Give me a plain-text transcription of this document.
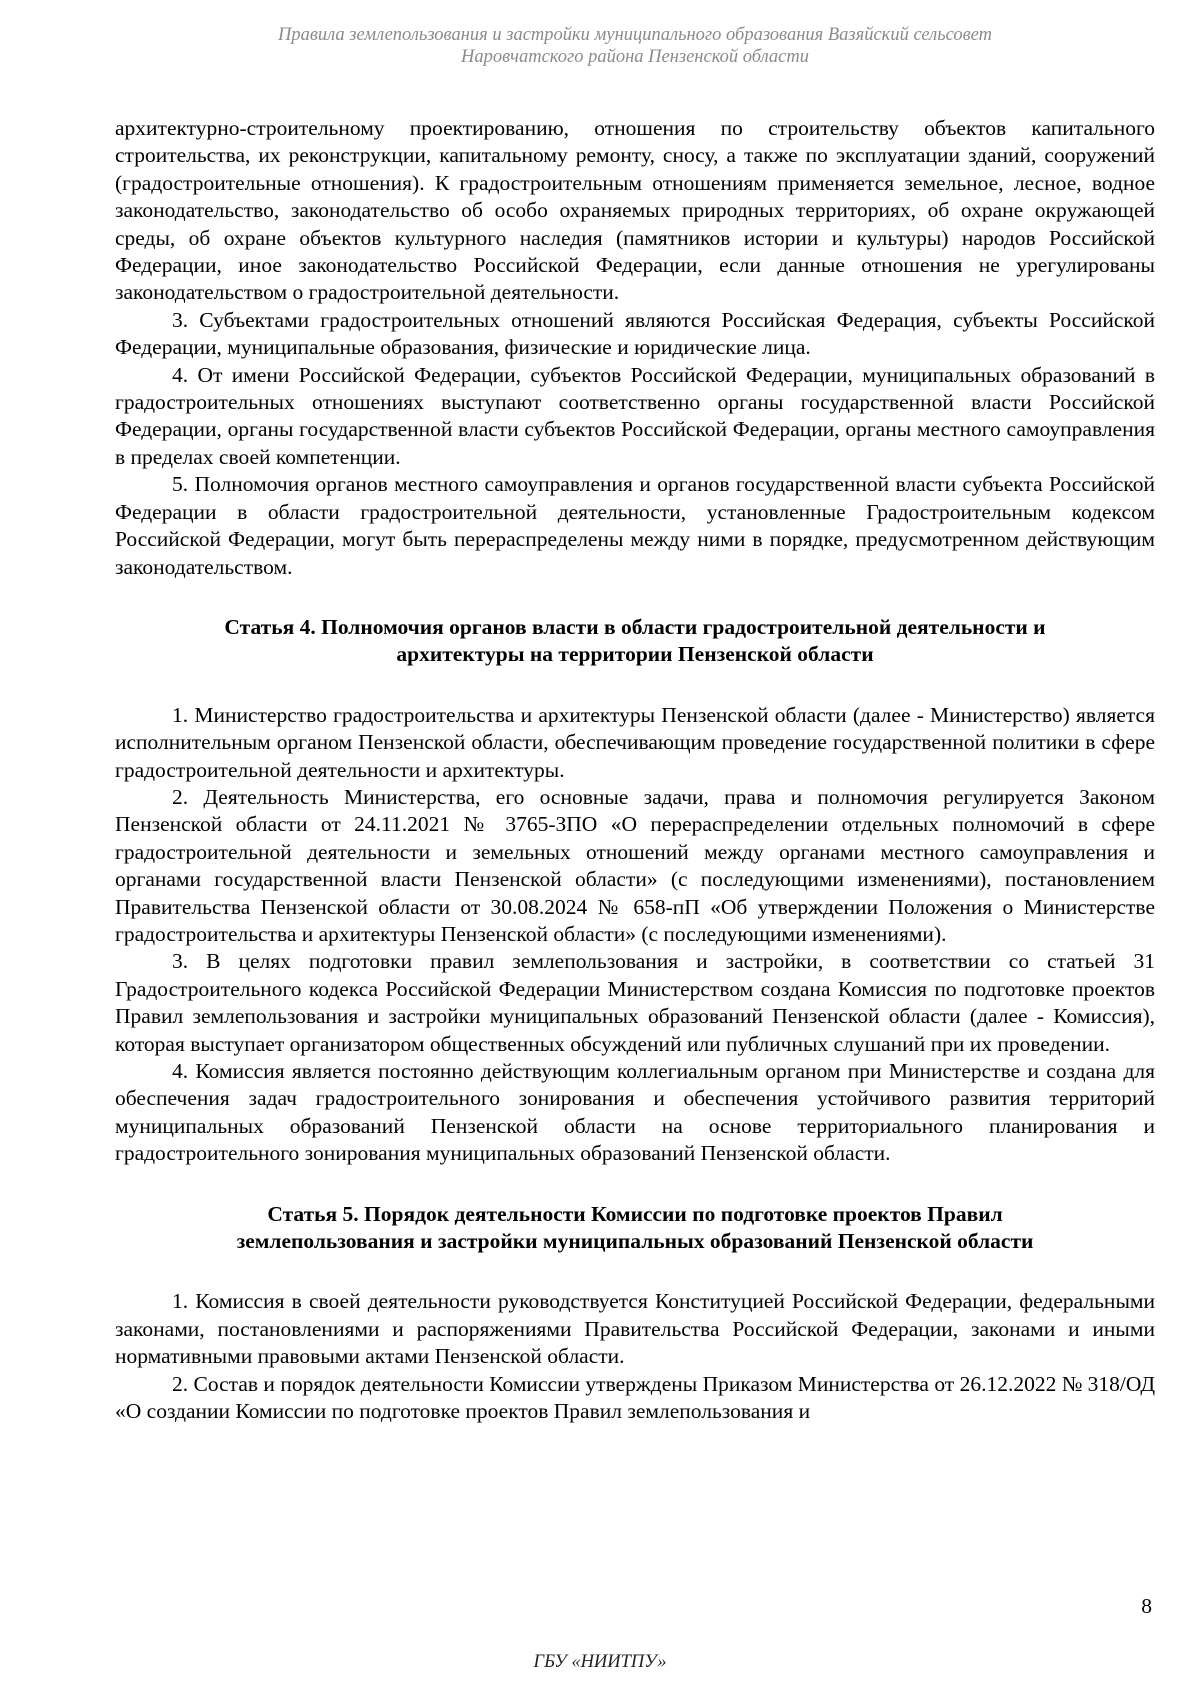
Правила землепользования и застройки муниципального образования Вазяйский сельсовет
Наровчатского района Пензенской области

архитектурно-строительному проектированию, отношения по строительству объектов капитального строительства, их реконструкции, капитальному ремонту, сносу, а также по эксплуатации зданий, сооружений (градостроительные отношения). К градостроительным отношениям применяется земельное, лесное, водное законодательство, законодательство об особо охраняемых природных территориях, об охране окружающей среды, об охране объектов культурного наследия (памятников истории и культуры) народов Российской Федерации, иное законодательство Российской Федерации, если данные отношения не урегулированы законодательством о градостроительной деятельности.

3. Субъектами градостроительных отношений являются Российская Федерация, субъекты Российской Федерации, муниципальные образования, физические и юридические лица.

4. От имени Российской Федерации, субъектов Российской Федерации, муниципальных образований в градостроительных отношениях выступают соответственно органы государственной власти Российской Федерации, органы государственной власти субъектов Российской Федерации, органы местного самоуправления в пределах своей компетенции.

5. Полномочия органов местного самоуправления и органов государственной власти субъекта Российской Федерации в области градостроительной деятельности, установленные Градостроительным кодексом Российской Федерации, могут быть перераспределены между ними в порядке, предусмотренном действующим законодательством.

Статья 4. Полномочия органов власти в области градостроительной деятельности и
архитектуры на территории Пензенской области

1. Министерство градостроительства и архитектуры Пензенской области (далее - Министерство) является исполнительным органом Пензенской области, обеспечивающим проведение государственной политики в сфере градостроительной деятельности и архитектуры.

2. Деятельность Министерства, его основные задачи, права и полномочия регулируется Законом Пензенской области от 24.11.2021 № 3765-ЗПО «О перераспределении отдельных полномочий в сфере градостроительной деятельности и земельных отношений между органами местного самоуправления и органами государственной власти Пензенской области» (с последующими изменениями), постановлением Правительства Пензенской области от 30.08.2024 № 658-пП «Об утверждении Положения о Министерстве градостроительства и архитектуры Пензенской области» (с последующими изменениями).

3. В целях подготовки правил землепользования и застройки, в соответствии со статьей 31 Градостроительного кодекса Российской Федерации Министерством создана Комиссия по подготовке проектов Правил землепользования и застройки муниципальных образований Пензенской области (далее - Комиссия), которая выступает организатором общественных обсуждений или публичных слушаний при их проведении.

4. Комиссия является постоянно действующим коллегиальным органом при Министерстве и создана для обеспечения задач градостроительного зонирования и обеспечения устойчивого развития территорий муниципальных образований Пензенской области на основе территориального планирования и градостроительного зонирования муниципальных образований Пензенской области.

Статья 5. Порядок деятельности Комиссии по подготовке проектов Правил
землепользования и застройки муниципальных образований Пензенской области

1. Комиссия в своей деятельности руководствуется Конституцией Российской Федерации, федеральными законами, постановлениями и распоряжениями Правительства Российской Федерации, законами и иными нормативными правовыми актами Пензенской области.

2. Состав и порядок деятельности Комиссии утверждены Приказом Министерства от 26.12.2022 № 318/ОД «О создании Комиссии по подготовке проектов Правил землепользования и

8
ГБУ «НИИТПУ»
